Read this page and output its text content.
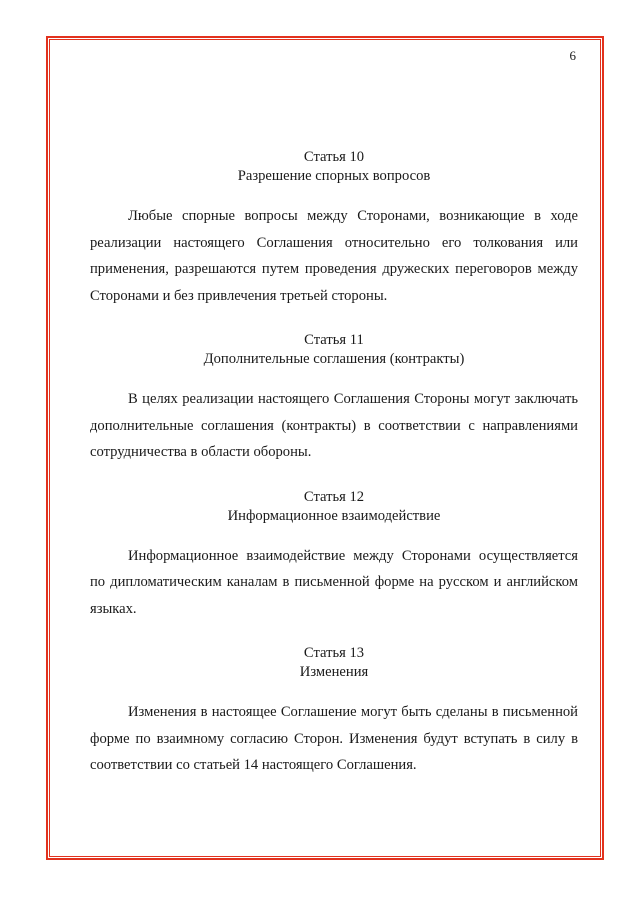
6

Статья 10

Разрешение спорных вопросов

Любые спорные вопросы между Сторонами, возникающие в ходе реализации настоящего Соглашения относительно его толкования или применения, разрешаются путем проведения дружеских переговоров между Сторонами и без привлечения третьей стороны.

Статья 11

Дополнительные соглашения (контракты)

В целях реализации настоящего Соглашения Стороны могут заключать дополнительные соглашения (контракты) в соответствии с направлениями сотрудничества в области обороны.

Статья 12

Информационное взаимодействие

Информационное взаимодействие между Сторонами осуществляется по дипломатическим каналам в письменной форме на русском и английском языках.

Статья 13

Изменения

Изменения в настоящее Соглашение могут быть сделаны в письменной форме по взаимному согласию Сторон. Изменения будут вступать в силу в соответствии со статьей 14 настоящего Соглашения.
